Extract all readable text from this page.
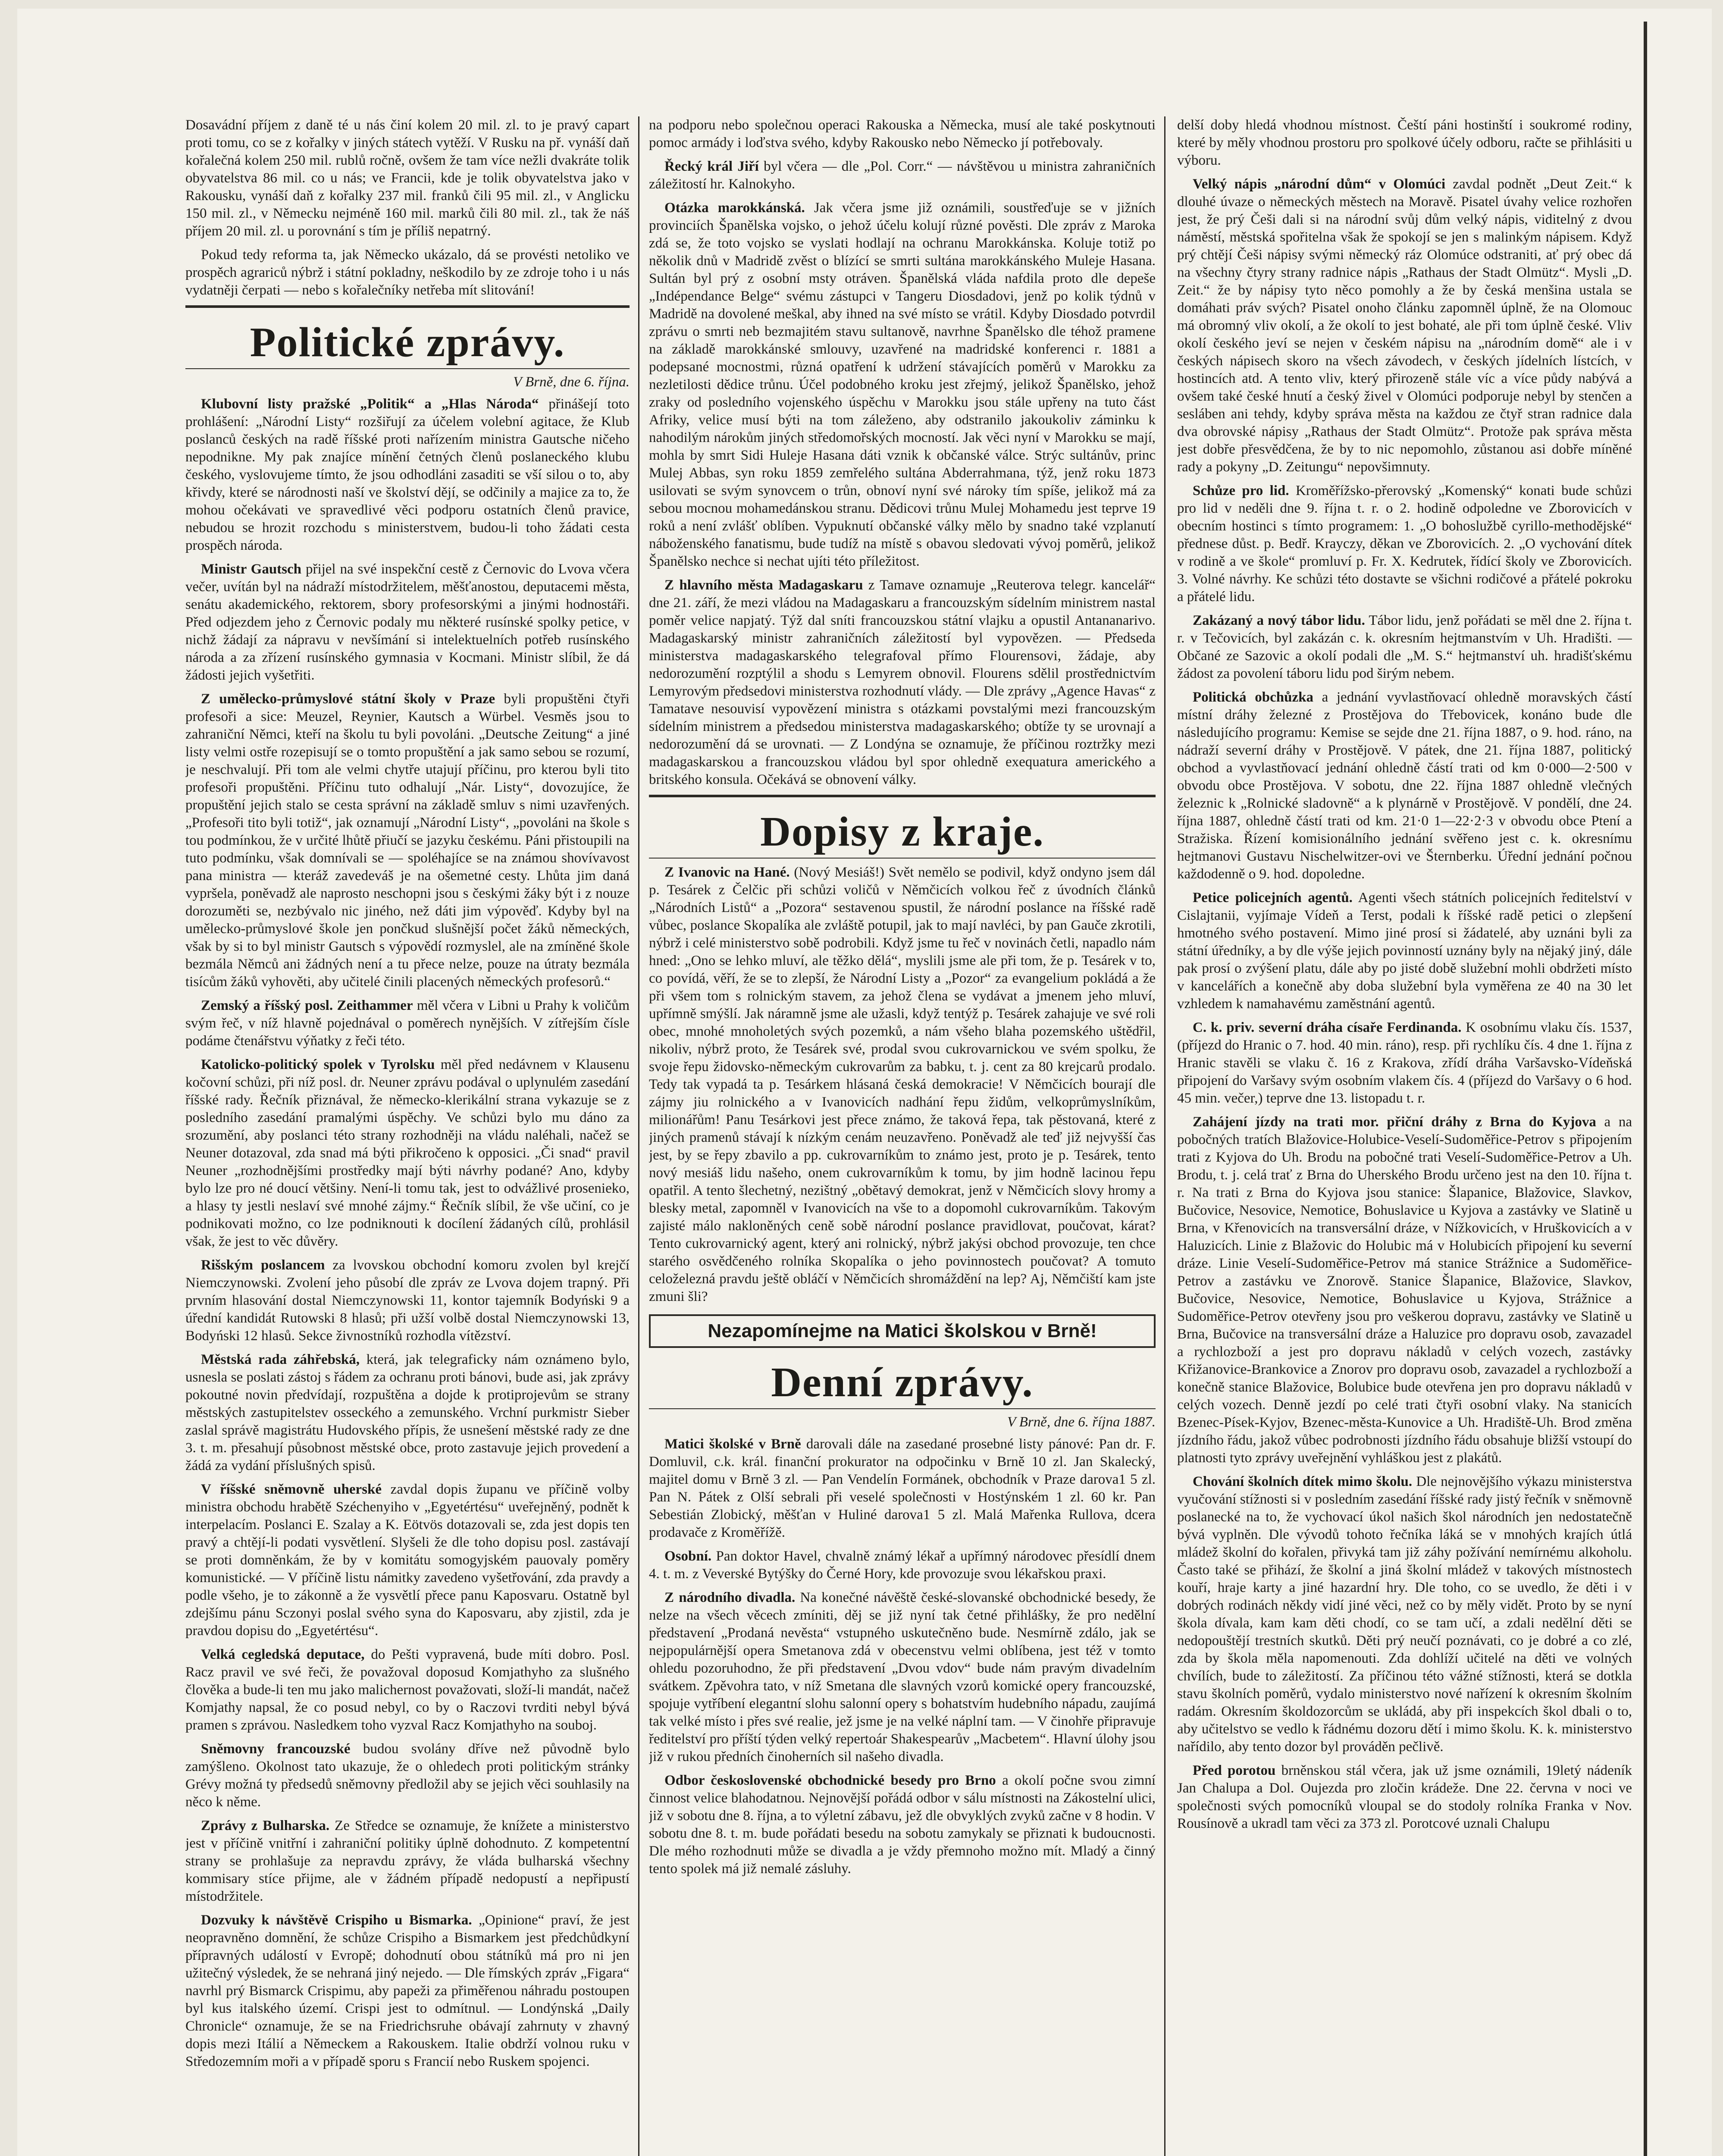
Dosavádní příjem z daně té u nás činí kolem 20 mil. zl. to je pravý capart proti tomu, co se z kořalky v jiných státech vytěží. V Rusku na př. vynáší daň kořalečná kolem 250 mil. rublů ročně, ovšem že tam více nežli dvakráte tolik obyvatelstva 86 mil. co u nás; ve Francii, kde je tolik obyvatelstva jako v Rakousku, vynáší daň z kořalky 237 mil. franků čili 95 mil. zl., v Anglicku 150 mil. zl., v Německu nejméně 160 mil. marků čili 80 mil. zl., tak že náš příjem 20 mil. zl. u porovnání s tím je příliš nepatrný.

Pokud tedy reforma ta, jak Německo ukázalo, dá se provésti netoliko ve prospěch agrariců nýbrž i státní pokladny, neškodilo by ze zdroje toho i u nás vydatněji čerpati — nebo s kořalečníky netřeba mít slitování!

Politické zprávy.
V Brně, dne 6. října.

Klubovní listy pražské „Politik“ a „Hlas Národa“ přinášejí toto prohlášení: „Národní Listy“ rozšiřují za účelem volební agitace, že Klub poslanců českých na radě říšské proti nařízením ministra Gautsche ničeho nepodnikne. My pak znajíce mínění četných členů poslaneckého klubu českého, vyslovujeme tímto, že jsou odhodláni zasaditi se vší silou o to, aby křivdy, které se národnosti naší ve školství dějí, se odčinily a majice za to, že mohou očekávati ve spravedlivé věci podporu ostatních členů pravice, nebudou se hrozit rozchodu s ministerstvem, budou-li toho žádati cesta prospěch národa.

Ministr Gautsch přijel na své inspekční cestě z Černovic do Lvova včera večer, uvítán byl na nádraží místodržitelem, měšťanostou, deputacemi města, senátu akademického, rektorem, sbory profesorskými a jinými hodnostáři. Před odjezdem jeho z Černovic podaly mu některé rusínské spolky petice, v nichž žádají za nápravu v nevšímání si intelektuelních potřeb rusínského národa a za zřízení rusínského gymnasia v Kocmani. Ministr slíbil, že dá žádosti jejich vyšetřiti.

Z umělecko-průmyslové státní školy v Praze byli propuštěni čtyři profesoři a sice: Meuzel, Reynier, Kautsch a Würbel. Vesměs jsou to zahraniční Němci, kteří na školu tu byli povoláni. „Deutsche Zeitung“ a jiné listy velmi ostře rozepisují se o tomto propuštění a jak samo sebou se rozumí, je neschvalují. Při tom ale velmi chytře utajují příčinu, pro kterou byli tito profesoři propuštěni. Příčinu tuto odhalují „Nár. Listy“, dovozujíce, že propuštění jejich stalo se cesta správní na základě smluv s nimi uzavřených. „Profesoři tito byli totiž“, jak oznamují „Národní Listy“, „povoláni na škole s tou podmínkou, že v určité lhůtě přiučí se jazyku českému. Páni přistoupili na tuto podmínku, však domnívali se — spoléhajíce se na známou shovívavost pana ministra — kteráž zavedeváš je na ošemetné cesty. Lhůta jim daná vypršela, poněvadž ale naprosto neschopni jsou s českými žáky být i z nouze dorozuměti se, nezbývalo nic jiného, než dáti jim výpověď. Kdyby byl na umělecko-průmyslové škole jen pončkud slušnější počet žáků německých, však by si to byl ministr Gautsch s výpovědí rozmyslel, ale na zmíněné škole bezmála Němců ani žádných není a tu přece nelze, pouze na útraty bezmála tisícům žáků vyhověti, aby učitelé činili placených německých profesorů.“

Zemský a říšský posl. Zeithammer měl včera v Libni u Prahy k voličům svým řeč, v níž hlavně pojednával o poměrech nynějších. V zítřejším čísle podáme čtenářstvu výňatky z řeči této.

Katolicko-politický spolek v Tyrolsku měl před nedávnem v Klausenu kočovní schůzi, při níž posl. dr. Neuner zprávu podával o uplynulém zasedání říšské rady. Řečník přiznával, že německo-klerikální strana vykazuje se z posledního zasedání pramalými úspěchy. Ve schůzi bylo mu dáno za srozumění, aby poslanci této strany rozhodněji na vládu naléhali, načež se Neuner dotazoval, zda snad má býti přikročeno k opposici. „Či snad“ pravil Neuner „rozhodnějšími prostředky mají býti návrhy podané? Ano, kdyby bylo lze pro né doucí většiny. Není-li tomu tak, jest to odvážlivé prosenieko, a hlasy ty jestli neslaví své mnohé zájmy.“ Řečník slíbil, že vše učiní, co je podnikovati možno, co lze podniknouti k docílení žádaných cílů, prohlásil však, že jest to věc důvěry.

Rišským poslancem za lvovskou obchodní komoru zvolen byl krejčí Niemczynowski. Zvolení jeho působí dle zpráv ze Lvova dojem trapný. Při prvním hlasování dostal Niemczynowski 11, kontor tajemník Bodyński 9 a úřední kandidát Rutowski 8 hlasů; při užší volbě dostal Niemczynowski 13, Bodyński 12 hlasů. Sekce živnostníků rozhodla vítězství.

Městská rada záhřebská, která, jak telegraficky nám oznámeno bylo, usnesla se poslati zástoj s řádem za ochranu proti bánovi, bude asi, jak zprávy pokoutné novin předvídají, rozpuštěna a dojde k protiprojevům se strany městských zastupitelstev osseckého a zemunského. Vrchní purkmistr Sieber zaslal správě magistrátu Hudovského přípis, že usnešení městské rady ze dne 3. t. m. přesahují působnost městské obce, proto zastavuje jejich provedení a žádá za vydání příslušných spisů.

V říšské sněmovně uherské zavdal dopis županu ve příčině volby ministra obchodu hrabětě Széchenyiho v „Egyetértésu“ uveřejněný, podnět k interpelacím. Poslanci E. Szalay a K. Eötvös dotazovali se, zda jest dopis ten pravý a chtějí-li podati vysvětlení. Slyšeli že dle toho dopisu posl. zastávají se proti domněnkám, že by v komitátu somogyjském pauovaly poměry komunistické. — V příčině listu námitky zavedeno vyšetřování, zda pravdy a podle všeho, je to zákonně a že vysvětlí přece panu Kaposvaru. Ostatně byl zdejšímu pánu Sczonyi poslal svého syna do Kaposvaru, aby zjistil, zda je pravdou dopisu do „Egyetértésu“.

Velká cegledská deputace, do Pešti vypravená, bude míti dobro. Posl. Racz pravil ve své řeči, že považoval doposud Komjathyho za slušného člověka a bude-li ten mu jako malichernost považovati, složí-li mandát, načež Komjathy napsal, že co posud nebyl, co by o Raczovi tvrditi nebyl bývá pramen s zprávou. Nasledkem toho vyzval Racz Komjathyho na souboj.

Sněmovny francouzské budou svolány dříve než původně bylo zamýšleno. Okolnost tato ukazuje, že o ohledech proti politickým stránky Grévy možná ty předsedů sněmovny předložil aby se jejich věci souhlasily na něco k něme.

Zprávy z Bulharska. Ze Středce se oznamuje, že knížete a ministerstvo jest v příčině vnitřní i zahraniční politiky úplně dohodnuto. Z kompetentní strany se prohlašuje za nepravdu zprávy, že vláda bulharská všechny kommisary stíce přijme, ale v žádném případě nedopustí a nepřipustí místodržitele.

Dozvuky k návštěvě Crispiho u Bismarka. „Opinione“ praví, že jest neopravněno domnění, že schůze Crispiho a Bismarkem jest předchůdkyní přípravných událostí v Evropě; dohodnutí obou státníků má pro ni jen užitečný výsledek, že se nehraná jiný nejedo. — Dle římských zpráv „Figara“ navrhl prý Bismarck Crispimu, aby papeži za přiměřenou náhradu postoupen byl kus italského území. Crispi jest to odmítnul. — Londýnská „Daily Chronicle“ oznamuje, že se na Friedrichsruhe obávají zahrnuty v zhavný dopis mezi Itálií a Německem a Rakouskem. Italie obdrží volnou ruku v Středozemním moři a v případě sporu s Francií nebo Ruskem spojenci.

na podporu nebo společnou operaci Rakouska a Německa, musí ale také poskytnouti pomoc armády i loďstva svého, kdyby Rakousko nebo Německo jí potřebovaly.

Řecký král Jiří byl včera — dle „Pol. Corr.“ — návštěvou u ministra zahraničních záležitostí hr. Kalnokyho.

Otázka marokkánská. Jak včera jsme již oznámili, soustřeďuje se v jižních provinciích Španělska vojsko, o jehož účelu kolují různé pověsti. Dle zpráv z Maroka zdá se, že toto vojsko se vyslati hodlají na ochranu Marokkánska. Koluje totiž po několik dnů v Madridě zvěst o blízící se smrti sultána marokkánského Muleje Hasana. Sultán byl prý z osobní msty otráven. Španělská vláda nafdila proto dle depeše „Indépendance Belge“ svému zástupci v Tangeru Diosdadovi, jenž po kolik týdnů v Madridě na dovolené meškal, aby ihned na své místo se vrátil. Kdyby Diosdado potvrdil zprávu o smrti neb bezmajitém stavu sultanově, navrhne Španělsko dle téhož pramene na základě marokkánské smlouvy, uzavřené na madridské konferenci r. 1881 a podepsané mocnostmi, různá opatření k udržení stávajících poměrů v Marokku za nezletilosti dědice trůnu. Účel podobného kroku jest zřejmý, jelikož Španělsko, jehož zraky od posledního vojenského úspěchu v Marokku jsou stále upřeny na tuto část Afriky, velice musí býti na tom záleženo, aby odstranilo jakoukoliv záminku k nahodilým nárokům jiných středomořských mocností. Jak věci nyní v Marokku se mají, mohla by smrt Sidi Huleje Hasana dáti vznik k občanské válce. Strýc sultánův, princ Mulej Abbas, syn roku 1859 zemřelého sultána Abderrahmana, týž, jenž roku 1873 usilovati se svým synovcem o trůn, obnoví nyní své nároky tím spíše, jelikož má za sebou mocnou mohamedánskou stranu. Dědicovi trůnu Mulej Mohamedu jest teprve 19 roků a není zvlášť oblíben. Vypuknutí občanské války mělo by snadno také vzplanutí náboženského fanatismu, bude tudíž na místě s obavou sledovati vývoj poměrů, jelikož Španělsko nechce si nechat ujíti této příležitost.

Z hlavního města Madagaskaru z Tamave oznamuje „Reuterova telegr. kancelář“ dne 21. září, že mezi vládou na Madagaskaru a francouzským sídelním ministrem nastal poměr velice napjatý. Týž dal sníti francouzskou státní vlajku a opustil Antananarivo. Madagaskarský ministr zahraničních záležitostí byl vypovězen. — Předseda ministerstva madagaskarského telegrafoval přímo Flourensovi, žádaje, aby nedorozumění rozptýlil a shodu s Lemyrem obnovil. Flourens sdělil prostřednictvím Lemyrovým předsedovi ministerstva rozhodnutí vlády. — Dle zprávy „Agence Havas“ z Tamatave nesouvisí vypovězení ministra s otázkami povstalými mezi francouzským sídelním ministrem a předsedou ministerstva madagaskarského; obtíže ty se urovnají a nedorozumění dá se urovnati. — Z Londýna se oznamuje, že příčinou roztržky mezi madagaskarskou a francouzskou vládou byl spor ohledně exequatura amerického a britského konsula. Očekává se obnovení války.

Dopisy z kraje.

Z Ivanovic na Hané. (Nový Mesiáš!) Svět nemělo se podivil, když ondyno jsem dál p. Tesárek z Čelčic při schůzi voličů v Němčicích volkou řeč z úvodních článků „Národních Listů“ a „Pozora“ sestavenou spustil, že národní poslance na říšské radě vůbec, poslance Skopalíka ale zvláště potupil, jak to mají navléci, by pan Gauče zkrotili, nýbrž i celé ministerstvo sobě podrobili. Když jsme tu řeč v novinách četli, napadlo nám hned: „Ono se lehko mluví, ale těžko dělá“, myslili jsme ale při tom, že p. Tesárek v to, co povídá, věří, že se to zlepší, že Národní Listy a „Pozor“ za evangelium pokládá a že při všem tom s rolnickým stavem, za jehož člena se vydávat a jmenem jeho mluví, upřímně smýšlí. Jak náramně jsme ale užasli, když tentýž p. Tesárek zahajuje ve své roli obec, mnohé mnoholetých svých pozemků, a nám všeho blaha pozemského uštědřil, nikoliv, nýbrž proto, že Tesárek své, prodal svou cukrovarnickou ve svém spolku, že svoje řepu židovsko-německým cukrovarům za babku, t. j. cent za 80 krejcarů prodalo. Tedy tak vypadá ta p. Tesárkem hlásaná česká demokracie! V Němčicích bourají dle zájmy jiu rolnického a v Ivanovicích nadhání řepu židům, velkoprůmyslníkům, milionářům! Panu Tesárkovi jest přece známo, že taková řepa, tak pěstovaná, které z jiných pramenů stávají k nízkým cenám neuzavřeno. Poněvadž ale teď již nejvyšší čas jest, by se řepy zbavilo a pp. cukrovarníkům to známo jest, proto je p. Tesárek, tento nový mesiáš lidu našeho, onem cukrovarníkům k tomu, by jim hodně lacinou řepu opatřil. A tento šlechetný, nezištný „obětavý demokrat, jenž v Němčicích slovy hromy a blesky metal, zapomněl v Ivanovicích na vše to a dopomohl cukrovarníkům. Takovým zajisté málo nakloněných ceně sobě národní poslance pravidlovat, poučovat, kárat? Tento cukrovarnický agent, který ani rolnický, nýbrž jakýsi obchod provozuje, ten chce starého osvědčeného rolníka Skopalíka o jeho povinnostech poučovat? A tomuto celoželezná pravdu ještě obláčí v Němčicích shromáždění na lep? Aj, Němčiští kam jste zmuni šli?

Nezapomínejme na Matici školskou v Brně!
Denní zprávy.
V Brně, dne 6. října 1887.

Matici školské v Brně darovali dále na zasedané prosebné listy pánové: Pan dr. F. Domluvil, c.k. král. finanční prokurator na odpočinku v Brně 10 zl. Jan Skalecký, majitel domu v Brně 3 zl. — Pan Vendelín Formánek, obchodník v Praze darova1 5 zl. Pan N. Pátek z Olší sebrali při veselé společnosti v Hostýnském 1 zl. 60 kr. Pan Sebestián Zlobický, měšťan v Huliné darova1 5 zl. Malá Mařenka Rullova, dcera prodavače z Kroměřížě.

Osobní. Pan doktor Havel, chvalně známý lékař a upřímný národovec přesídlí dnem 4. t. m. z Veverské Bytýšky do Černé Hory, kde provozuje svou lékařskou praxi.

Z národního divadla. Na konečné návěště české-slovanské obchodnické besedy, že nelze na všech věcech zmíniti, děj se již nyní tak četné přihlášky, že pro nedělní představení „Prodaná nevěsta“ vstupného uskutečněno bude. Nesmírně zdálo, jak se nejpopulárnější opera Smetanova zdá v obecenstvu velmi oblíbena, jest též v tomto ohledu pozoruhodno, že při představení „Dvou vdov“ bude nám pravým divadelním svátkem. Zpěvohra tato, v níž Smetana dle slavných vzorů komické opery francouzské, spojuje vytříbení elegantní slohu salonní opery s bohatstvím hudebního nápadu, zaujímá tak velké místo i přes své realie, jež jsme je na velké náplní tam. — V činohře připravuje ředitelství pro příští týden velký repertoár Shakespearův „Macbetem“. Hlavní úlohy jsou již v rukou předních činoherních sil našeho divadla.

Odbor československé obchodnické besedy pro Brno a okolí počne svou zimní činnost velice blahodatnou. Nejnovější pořádá odbor v sálu místnosti na Zákostelní ulici, již v sobotu dne 8. října, a to výletní zábavu, jež dle obvyklých zvyků začne v 8 hodin. V sobotu dne 8. t. m. bude pořádati besedu na sobotu zamykaly se přiznati k budoucnosti. Dle mého rozhodnuti může se divadla a je vždy přemnoho možno mít. Mladý a činný tento spolek má již nemalé zásluhy.

delší doby hledá vhodnou místnost. Čeští páni hostinští i soukromé rodiny, které by měly vhodnou prostoru pro spolkové účely odboru, račte se přihlásiti u výboru.

Velký nápis „národní dům“ v Olomúci zavdal podnět „Deut Zeit.“ k dlouhé úvaze o německých městech na Moravě. Pisatel úvahy velice rozhořen jest, že prý Češi dali si na národní svůj dům velký nápis, viditelný z dvou náměstí, městská spořitelna však že spokojí se jen s malinkým nápisem. Když prý chtějí Češi nápisy svými německý ráz Olomúce odstraniti, ať prý obec dá na všechny čtyry strany radnice nápis „Rathaus der Stadt Olmütz“. Mysli „D. Zeit.“ že by nápisy tyto něco pomohly a že by česká menšina ustala se domáhati práv svých? Pisatel onoho článku zapomněl úplně, že na Olomouc má obromný vliv okolí, a že okolí to jest bohaté, ale při tom úplně české. Vliv okolí českého jeví se nejen v českém nápisu na „národním domě“ ale i v českých nápisech skoro na všech závodech, v českých jídelních lístcích, v hostincích atd. A tento vliv, který přirozeně stále víc a více půdy nabývá a ovšem také české hnutí a český živel v Olomúci podporuje nebyl by stenčen a sesláben ani tehdy, kdyby správa města na každou ze čtyř stran radnice dala dva obrovské nápisy „Rathaus der Stadt Olmütz“. Protože pak správa města jest dobře přesvědčena, že by to nic nepomohlo, zůstanou asi dobře míněné rady a pokyny „D. Zeitungu“ nepovšimnuty.

Schůze pro lid. Kroměřížsko-přerovský „Komenský“ konati bude schůzi pro lid v neděli dne 9. října t. r. o 2. hodině odpoledne ve Zborovicích v obecním hostinci s tímto programem: 1. „O bohoslužbě cyrillo-methodějské“ přednese důst. p. Bedř. Krayczy, děkan ve Zborovicích. 2. „O vychování dítek v rodině a ve škole“ promluví p. Fr. X. Kedrutek, řídící školy ve Zborovicích. 3. Volné návrhy. Ke schůzi této dostavte se všichni rodičové a přátelé pokroku a přátelé lidu.

Zakázaný a nový tábor lidu. Tábor lidu, jenž pořádati se měl dne 2. října t. r. v Tečovicích, byl zakázán c. k. okresním hejtmanstvím v Uh. Hradišti. — Občané ze Sazovic a okolí podali dle „M. S.“ hejtmanství uh. hradišťskému žádost za povolení táboru lidu pod širým nebem.

Politická obchůzka a jednání vyvlastňovací ohledně moravských částí místní dráhy železné z Prostějova do Třebovicek, konáno bude dle následujícího programu: Kemise se sejde dne 21. října 1887, o 9. hod. ráno, na nádraží severní dráhy v Prostějově. V pátek, dne 21. října 1887, politický obchod a vyvlastňovací jednání ohledně částí trati od km 0·000—2·500 v obvodu obce Prostějova. V sobotu, dne 22. října 1887 ohledně vlečných železnic k „Rolnické sladovně“ a k plynárně v Prostějově. V pondělí, dne 24. října 1887, ohledně částí trati od km. 21·0 1—22·2·3 v obvodu obce Ptení a Stražiska. Řízení komisionálního jednání svěřeno jest c. k. okresnímu hejtmanovi Gustavu Nischelwitzer-ovi ve Šternberku. Úřední jednání počnou každodenně o 9. hod. dopoledne.

Petice policejních agentů. Agenti všech státních policejních ředitelství v Cislajtanii, vyjímaje Vídeň a Terst, podali k říšské radě petici o zlepšení hmotného svého postavení. Mimo jiné prosí si žádatelé, aby uznáni byli za státní úředníky, a by dle výše jejich povinností uznány byly na nějaký jiný, dále pak prosí o zvýšení platu, dále aby po jisté době služební mohli obdržeti místo v kancelářích a konečně aby doba služební byla vyměřena ze 40 na 30 let vzhledem k namahavému zaměstnání agentů.

C. k. priv. severní dráha císaře Ferdinanda. K osobnímu vlaku čís. 1537, (příjezd do Hranic o 7. hod. 40 min. ráno), resp. při rychlíku čís. 4 dne 1. října z Hranic stavěli se vlaku č. 16 z Krakova, zřídí dráha Varšavsko-Vídeňská připojení do Varšavy svým osobním vlakem čís. 4 (příjezd do Varšavy o 6 hod. 45 min. večer,) teprve dne 13. listopadu t. r.

Zahájení jízdy na trati mor. přiční dráhy z Brna do Kyjova a na pobočných tratích Blažovice-Holubice-Veselí-Sudoměřice-Petrov s připojením trati z Kyjova do Uh. Brodu na pobočné trati Veselí-Sudoměřice-Petrov a Uh. Brodu, t. j. celá trať z Brna do Uherského Brodu určeno jest na den 10. října t. r. Na trati z Brna do Kyjova jsou stanice: Šlapanice, Blažovice, Slavkov, Bučovice, Nesovice, Nemotice, Bohuslavice u Kyjova a zastávky ve Slatině u Brna, v Křenovicích na transversální dráze, v Nížkovicích, v Hruškovicích a v Haluzicích. Linie z Blažovic do Holubic má v Holubicích připojení ku severní dráze. Linie Veselí-Sudoměřice-Petrov má stanice Strážnice a Sudoměřice-Petrov a zastávku ve Znorově. Stanice Šlapanice, Blažovice, Slavkov, Bučovice, Nesovice, Nemotice, Bohuslavice u Kyjova, Strážnice a Sudoměřice-Petrov otevřeny jsou pro veškerou dopravu, zastávky ve Slatině u Brna, Bučovice na transversální dráze a Haluzice pro dopravu osob, zavazadel a rychlozboží a jest pro dopravu nákladů v celých vozech, zastávky Křižanovice-Brankovice a Znorov pro dopravu osob, zavazadel a rychlozboží a konečně stanice Blažovice, Bolubice bude otevřena jen pro dopravu nákladů v celých vozech. Denně jezdí po celé trati čtyři osobní vlaky. Na stanicích Bzenec-Písek-Kyjov, Bzenec-města-Kunovice a Uh. Hradiště-Uh. Brod změna jízdního řádu, jakož vůbec podrobnosti jízdního řádu obsahuje bližší vstoupí do platnosti tyto zprávy uveřejnění vyhláškou jest z plakátů.

Chování školních dítek mimo školu. Dle nejnovějšího výkazu ministerstva vyučování stížnosti si v posledním zasedání říšské rady jistý řečník v sněmovně poslanecké na to, že vychovací úkol našich škol národních jen nedostatečně bývá vyplněn. Dle vývodů tohoto řečníka láká se v mnohých krajích útlá mládež školní do kořalen, přivyká tam již záhy požívání nemírnému alkoholu. Často také se přihází, že školní a jiná školní mládež v takových místnostech kouří, hraje karty a jiné hazardní hry. Dle toho, co se uvedlo, že děti i v dobrých rodinách někdy vidí jiné věci, než co by měly vidět. Proto by se nyní škola dívala, kam kam děti chodí, co se tam učí, a zdali nedělní děti se nedopouštějí trestních skutků. Děti prý neučí poznávati, co je dobré a co zlé, zda by škola měla napomenouti. Zda dohlíží učitelé na děti ve volných chvílích, bude to záležitostí. Za příčinou této vážné stížnosti, která se dotkla stavu školních poměrů, vydalo ministerstvo nové nařízení k okresním školním radám. Okresním školdozorcům se ukládá, aby při inspekcích škol dbali o to, aby učitelstvo se vedlo k řádnému dozoru dětí i mimo školu. K. k. ministerstvo nařídilo, aby tento dozor byl prováděn pečlivě.

Před porotou brněnskou stál včera, jak už jsme oznámili, 19letý nádeník Jan Chalupa a Dol. Oujezda pro zločin krádeže. Dne 22. června v noci ve společnosti svých pomocníků vloupal se do stodoly rolníka Franka v Nov. Rousínově a ukradl tam věci za 373 zl. Porotcové uznali Chalupu
